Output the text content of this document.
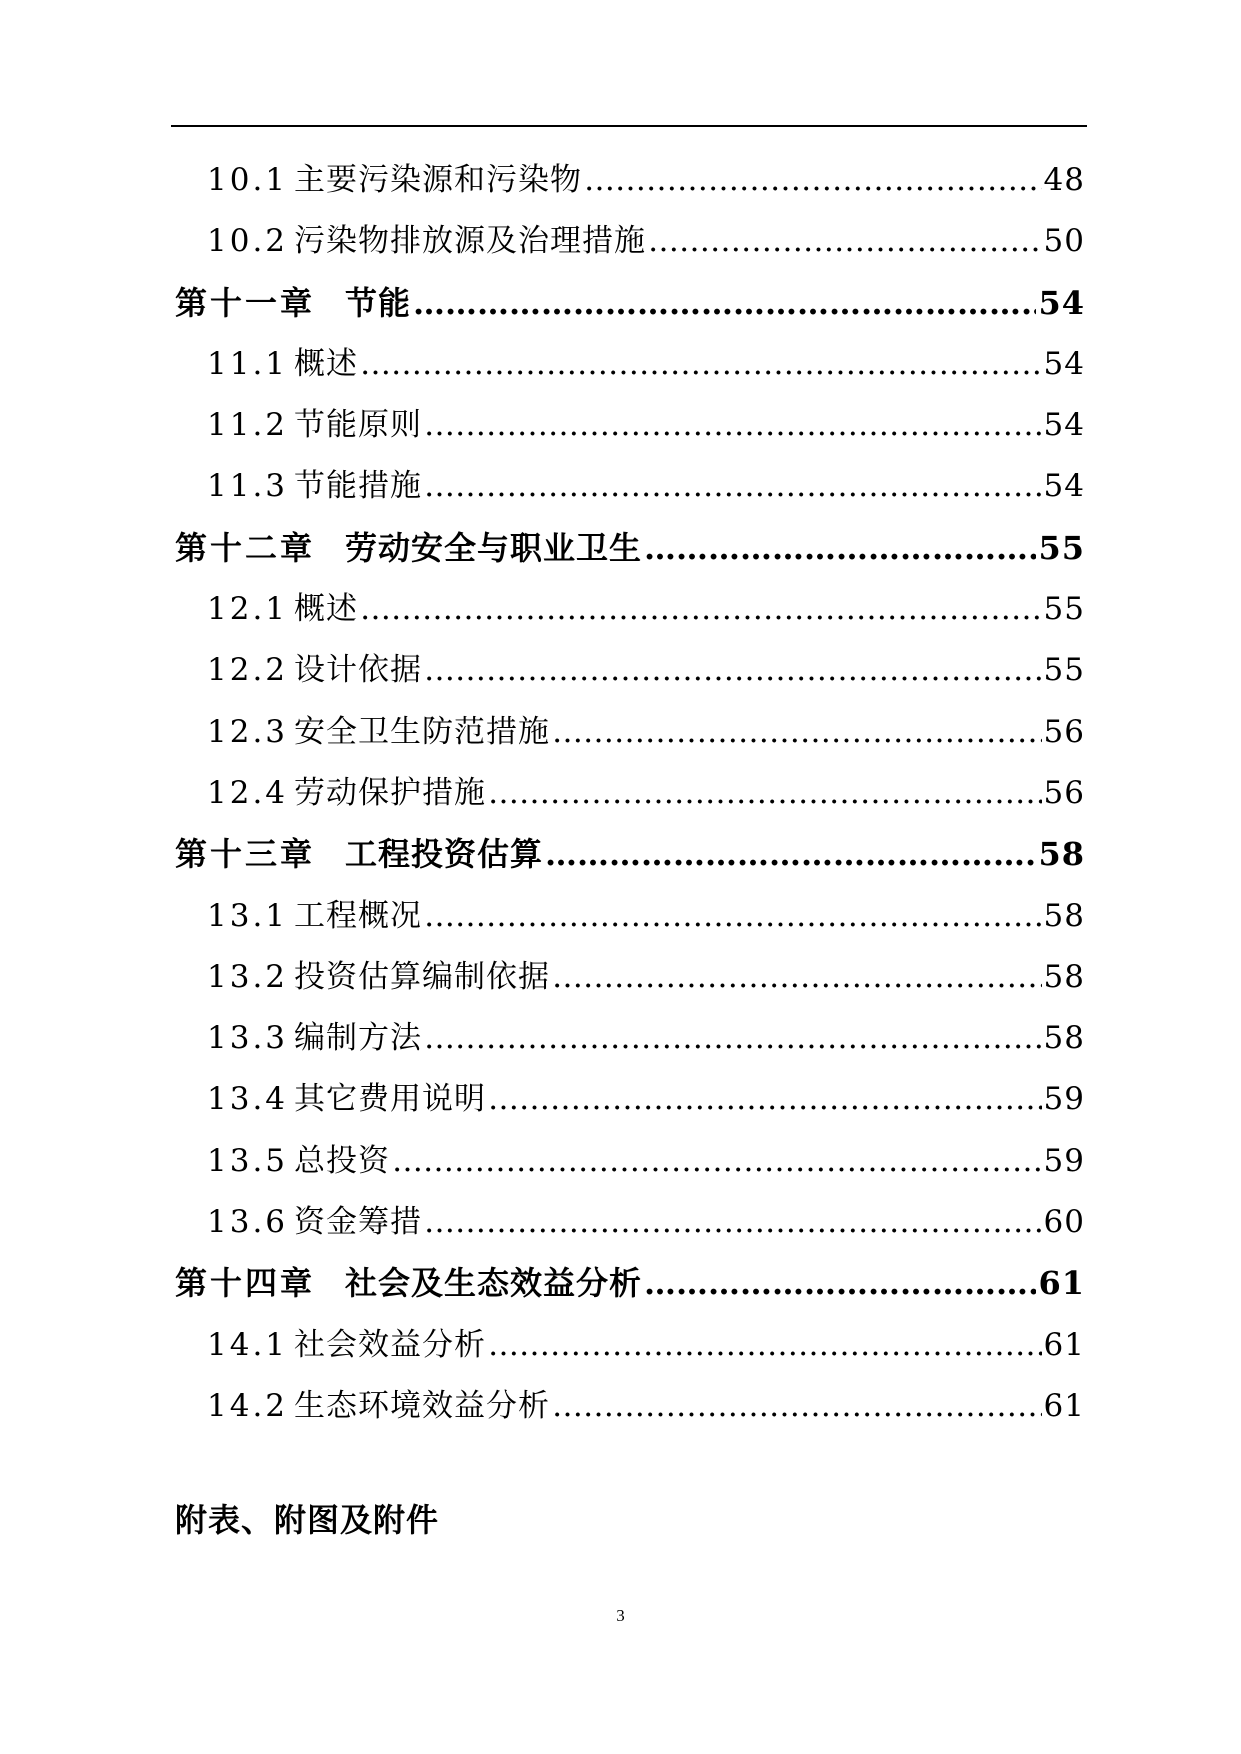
10.1 主要污染源和污染物 …………………………………………………………………………………………………………………………………………………………………………………………………………………………	48
10.2 污染物排放源及治理措施 …………………………………………………………………………………………………………………………………………………………………………………………………………………………	50
第十一章 节能 …………………………………………………………………………………………………………………………………………………………………………………………………………………………	54
11.1 概述 …………………………………………………………………………………………………………………………………………………………………………………………………………………………	54
11.2 节能原则 …………………………………………………………………………………………………………………………………………………………………………………………………………………………	54
11.3 节能措施 …………………………………………………………………………………………………………………………………………………………………………………………………………………………	54
第十二章 劳动安全与职业卫生 …………………………………………………………………………………………………………………………………………………………………………………………………………………………	55
12.1 概述 …………………………………………………………………………………………………………………………………………………………………………………………………………………………	55
12.2 设计依据 …………………………………………………………………………………………………………………………………………………………………………………………………………………………	55
12.3 安全卫生防范措施 …………………………………………………………………………………………………………………………………………………………………………………………………………………………	56
12.4 劳动保护措施 …………………………………………………………………………………………………………………………………………………………………………………………………………………………	56
第十三章 工程投资估算 …………………………………………………………………………………………………………………………………………………………………………………………………………………………	58
13.1 工程概况 …………………………………………………………………………………………………………………………………………………………………………………………………………………………	58
13.2 投资估算编制依据 …………………………………………………………………………………………………………………………………………………………………………………………………………………………	58
13.3 编制方法 …………………………………………………………………………………………………………………………………………………………………………………………………………………………	58
13.4 其它费用说明 …………………………………………………………………………………………………………………………………………………………………………………………………………………………	59
13.5 总投资 …………………………………………………………………………………………………………………………………………………………………………………………………………………………	59
13.6 资金筹措 …………………………………………………………………………………………………………………………………………………………………………………………………………………………	60
第十四章 社会及生态效益分析 …………………………………………………………………………………………………………………………………………………………………………………………………………………………	61
14.1 社会效益分析 …………………………………………………………………………………………………………………………………………………………………………………………………………………………	61
14.2 生态环境效益分析 …………………………………………………………………………………………………………………………………………………………………………………………………………………………	61
附表、附图及附件
3
